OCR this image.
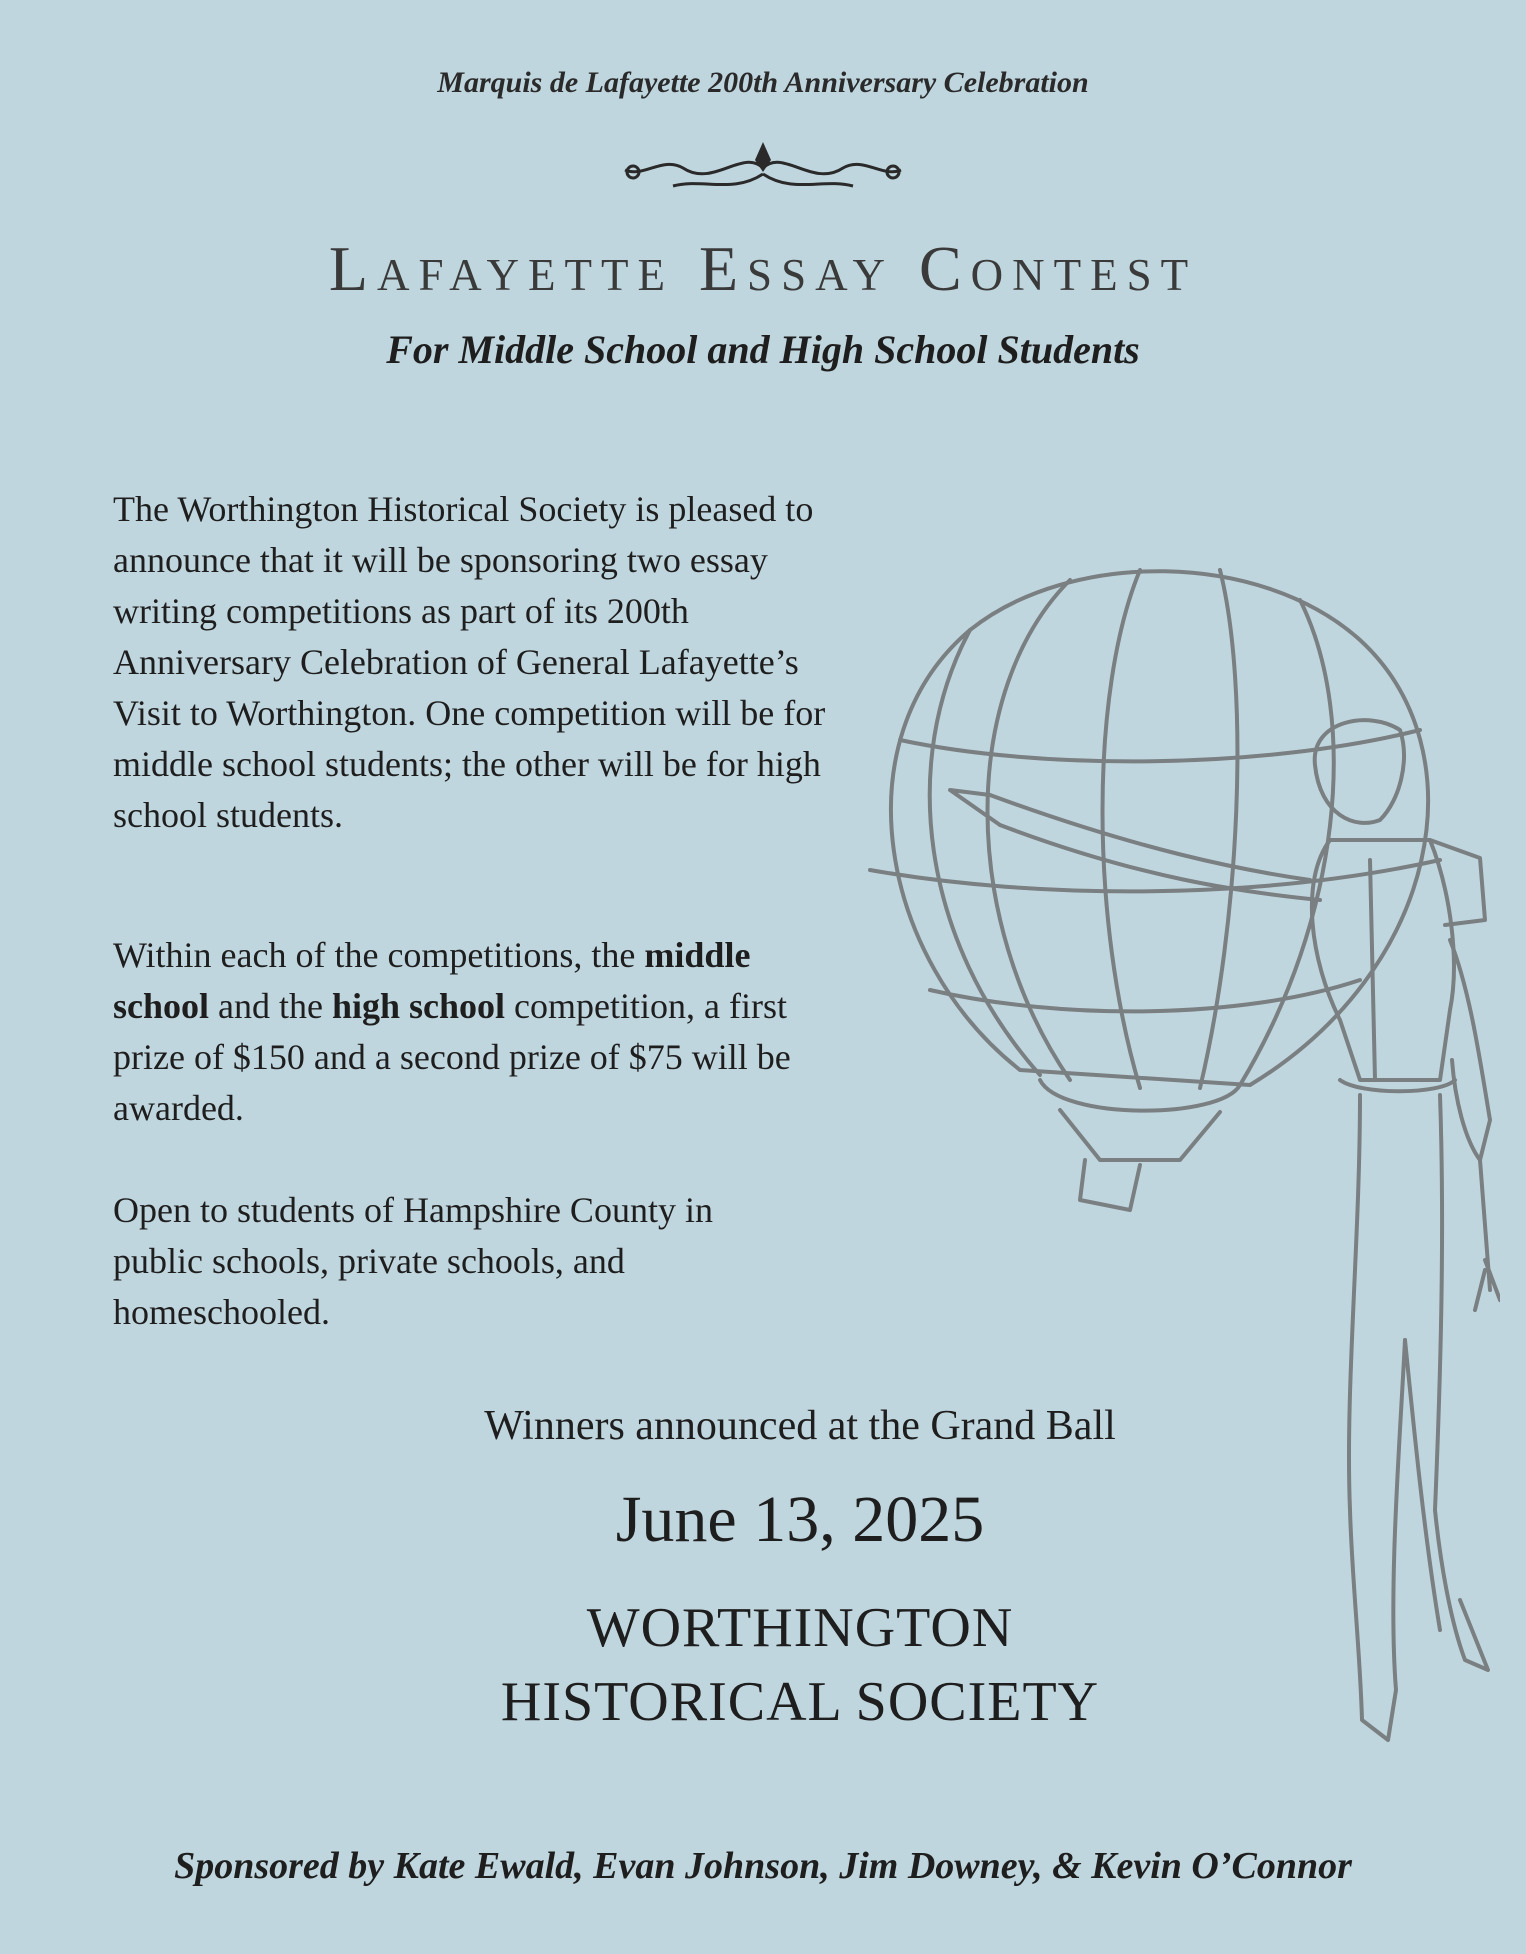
Marquis de Lafayette 200th Anniversary Celebration
Lafayette Essay Contest
For Middle School and High School Students
The Worthington Historical Society is pleased to announce that it will be sponsoring two essay writing competitions as part of its 200th Anniversary Celebration of General Lafayette’s Visit to Worthington. One competition will be for middle school students; the other will be for high school students.
Within each of the competitions, the middle school and the high school competition, a first prize of $150 and a second prize of $75 will be awarded.
Open to students of Hampshire County in public schools, private schools, and homeschooled.
Winners announced at the Grand Ball
June 13, 2025
WORTHINGTON
HISTORICAL SOCIETY
Sponsored by Kate Ewald, Evan Johnson, Jim Downey, & Kevin O’Connor
